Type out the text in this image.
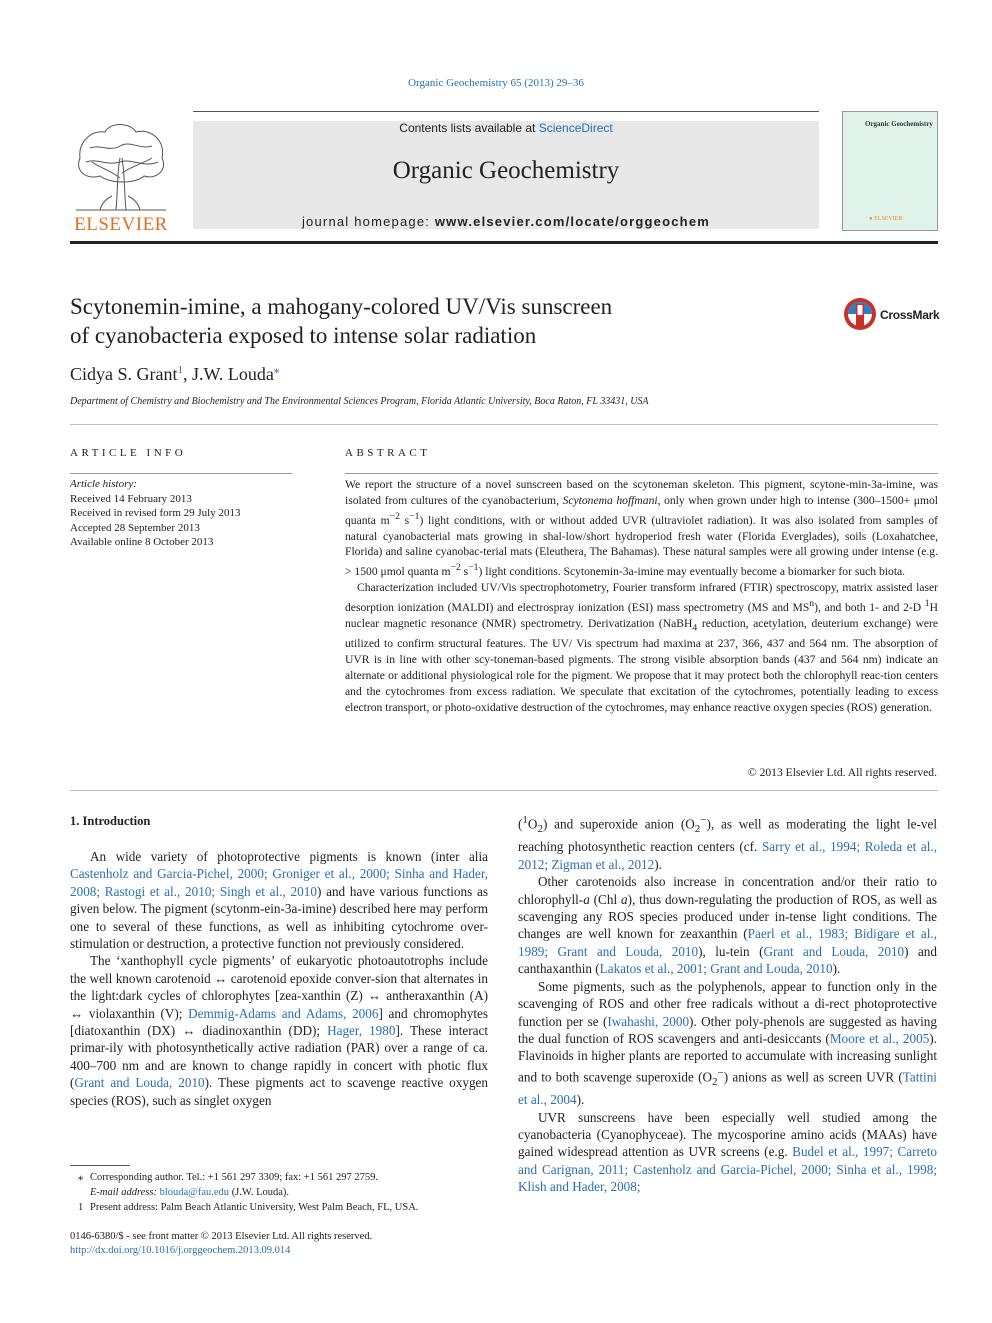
Organic Geochemistry 65 (2013) 29–36
ELSEVIER
Contents lists available at ScienceDirect
Organic Geochemistry
journal homepage: www.elsevier.com/locate/orggeochem
Organic Geochemistry
● ELSEVIER
Scytonemin-imine, a mahogany-colored UV/Vis sunscreen
of cyanobacteria exposed to intense solar radiation
CrossMark
Cidya S. Grant$^1$, J.W. Louda⁎
Department of Chemistry and Biochemistry and The Environmental Sciences Program, Florida Atlantic University, Boca Raton, FL 33431, USA
ARTICLE INFO
Article history:
Received 14 February 2013
Received in revised form 29 July 2013
Accepted 28 September 2013
Available online 8 October 2013
ABSTRACT

We report the structure of a novel sunscreen based on the scytoneman skeleton. This pigment, scytone-min-3a-imine, was isolated from cultures of the cyanobacterium, Scytonema hoffmani, only when grown under high to intense (300–1500+ μmol quanta $m^{-2}$ $s^{-1}$) light conditions, with or without added UVR (ultraviolet radiation). It was also isolated from samples of natural cyanobacterial mats growing in shal-low/short hydroperiod fresh water (Florida Everglades), soils (Loxahatchee, Florida) and saline cyanobac-terial mats (Eleuthera, The Bahamas). These natural samples were all growing under intense (e.g. > 1500 μmol quanta $m^{-2}$ $s^{-1}$) light conditions. Scytonemin-3a-imine may eventually become a biomarker for such biota.

Characterization included UV/Vis spectrophotometry, Fourier transform infrared (FTIR) spectroscopy, matrix assisted laser desorption ionization (MALDI) and electrospray ionization (ESI) mass spectrometry (MS and $MS^n$), and both 1- and 2-D $^1$H nuclear magnetic resonance (NMR) spectrometry. Derivatization (NaBH$_4$ reduction, acetylation, deuterium exchange) were utilized to confirm structural features. The UV/ Vis spectrum had maxima at 237, 366, 437 and 564 nm. The absorption of UVR is in line with other scy-toneman-based pigments. The strong visible absorption bands (437 and 564 nm) indicate an alternate or additional physiological role for the pigment. We propose that it may protect both the chlorophyll reac-tion centers and the cytochromes from excess radiation. We speculate that excitation of the cytochromes, potentially leading to excess electron transport, or photo-oxidative destruction of the cytochromes, may enhance reactive oxygen species (ROS) generation.

© 2013 Elsevier Ltd. All rights reserved.
1. Introduction

An wide variety of photoprotective pigments is known (inter alia Castenholz and Garcia-Pichel, 2000; Groniger et al., 2000; Sinha and Hader, 2008; Rastogi et al., 2010; Singh et al., 2010) and have various functions as given below. The pigment (scytonm-ein-3a-imine) described here may perform one to several of these functions, as well as inhibiting cytochrome over-stimulation or destruction, a protective function not previously considered.

The ‘xanthophyll cycle pigments’ of eukaryotic photoautotrophs include the well known carotenoid ↔ carotenoid epoxide conver-sion that alternates in the light:dark cycles of chlorophytes [zea-xanthin (Z) ↔ antheraxanthin (A) ↔ violaxanthin (V); Demmig-Adams and Adams, 2006] and chromophytes [diatoxanthin (DX) ↔ diadinoxanthin (DD); Hager, 1980]. These interact primar-ily with photosynthetically active radiation (PAR) over a range of ca. 400–700 nm and are known to change rapidly in concert with photic flux (Grant and Louda, 2010). These pigments act to scavenge reactive oxygen species (ROS), such as singlet oxygen

$(^1O_2)$ and superoxide anion $(O_2^-)$, as well as moderating the light le-vel reaching photosynthetic reaction centers (cf. Sarry et al., 1994; Roleda et al., 2012; Zigman et al., 2012).

Other carotenoids also increase in concentration and/or their ratio to chlorophyll-a (Chl a), thus down-regulating the production of ROS, as well as scavenging any ROS species produced under in-tense light conditions. The changes are well known for zeaxanthin (Paerl et al., 1983; Bidigare et al., 1989; Grant and Louda, 2010), lu-tein (Grant and Louda, 2010) and canthaxanthin (Lakatos et al., 2001; Grant and Louda, 2010).

Some pigments, such as the polyphenols, appear to function only in the scavenging of ROS and other free radicals without a di-rect photoprotective function per se (Iwahashi, 2000). Other poly-phenols are suggested as having the dual function of ROS scavengers and anti-desiccants (Moore et al., 2005). Flavinoids in higher plants are reported to accumulate with increasing sunlight and to both scavenge superoxide $(O_2^-)$ anions as well as screen UVR (Tattini et al., 2004).

UVR sunscreens have been especially well studied among the cyanobacteria (Cyanophyceae). The mycosporine amino acids (MAAs) have gained widespread attention as UVR screens (e.g. Budel et al., 1997; Carreto and Carignan, 2011; Castenholz and Garcia-Pichel, 2000; Sinha et al., 1998; Klish and Hader, 2008;

⁎ Corresponding author. Tel.: +1 561 297 3309; fax: +1 561 297 2759.
E-mail address: blouda@fau.edu (J.W. Louda).
1 Present address: Palm Beach Atlantic University, West Palm Beach, FL, USA.
0146-6380/$ - see front matter © 2013 Elsevier Ltd. All rights reserved.
http://dx.doi.org/10.1016/j.orggeochem.2013.09.014
